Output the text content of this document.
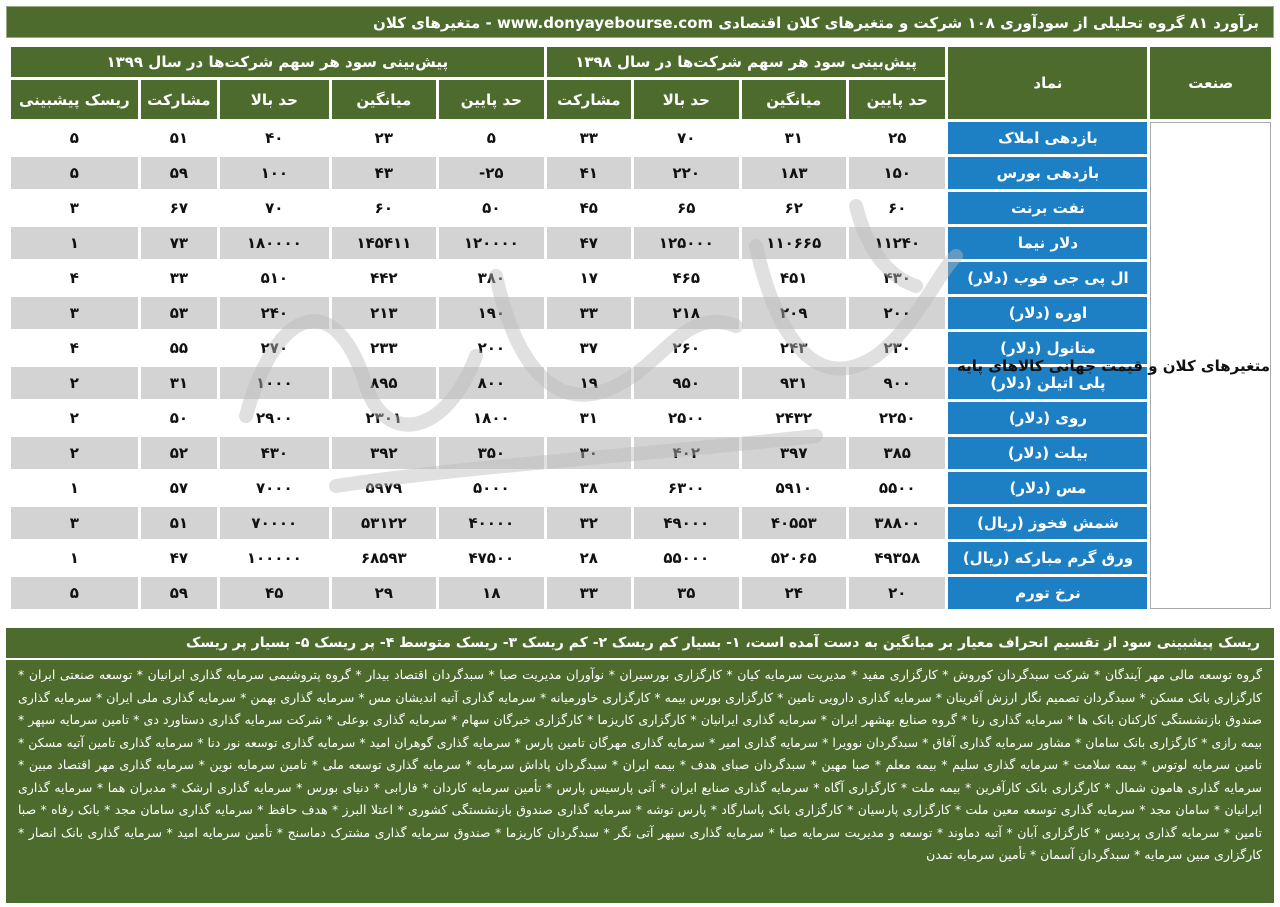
برآورد ۸۱ گروه تحلیلی از سودآوری ۱۰۸ شرکت و متغیرهای کلان اقتصادی www.donyayebourse.com - متغیرهای کلان
صنعت	نماد	پیش‌بینی سود هر سهم شرکت‌ها در سال ۱۳۹۸				پیش‌بینی سود هر سهم شرکت‌ها در سال ۱۳۹۹				
		حد پایین	میانگین	حد بالا	مشارکت	حد پایین	میانگین	حد بالا	مشارکت	ریسک پیشبینی
متغیرهای کلان و قیمت جهانی کالاهای پایه	بازدهی املاک	۲۵	۳۱	۷۰	۳۳	۵	۲۳	۴۰	۵۱	۵
	بازدهی بورس	۱۵۰	۱۸۳	۲۲۰	۴۱	۲۵-	۴۳	۱۰۰	۵۹	۵
	نفت برنت	۶۰	۶۲	۶۵	۴۵	۵۰	۶۰	۷۰	۶۷	۳
	دلار نیما	۱۱۲۴۰	۱۱۰۶۶۵	۱۲۵۰۰۰	۴۷	۱۲۰۰۰۰	۱۴۵۴۱۱	۱۸۰۰۰۰	۷۳	۱
	ال پی جی فوب (دلار)	۴۳۰	۴۵۱	۴۶۵	۱۷	۳۸۰	۴۴۲	۵۱۰	۳۳	۴
	اوره (دلار)	۲۰۰	۲۰۹	۲۱۸	۳۳	۱۹۰	۲۱۳	۲۴۰	۵۳	۳
	متانول (دلار)	۲۳۰	۲۴۳	۲۶۰	۳۷	۲۰۰	۲۳۳	۲۷۰	۵۵	۴
	پلی اتیلن (دلار)	۹۰۰	۹۳۱	۹۵۰	۱۹	۸۰۰	۸۹۵	۱۰۰۰	۳۱	۲
	روی (دلار)	۲۲۵۰	۲۴۳۲	۲۵۰۰	۳۱	۱۸۰۰	۲۳۰۱	۲۹۰۰	۵۰	۲
	بیلت (دلار)	۳۸۵	۳۹۷	۴۰۲	۳۰	۳۵۰	۳۹۲	۴۳۰	۵۲	۲
	مس (دلار)	۵۵۰۰	۵۹۱۰	۶۳۰۰	۳۸	۵۰۰۰	۵۹۷۹	۷۰۰۰	۵۷	۱
	شمش فخوز (ریال)	۳۸۸۰۰	۴۰۵۵۳	۴۹۰۰۰	۳۲	۴۰۰۰۰	۵۳۱۲۲	۷۰۰۰۰	۵۱	۳
	ورق گرم مبارکه (ریال)	۴۹۳۵۸	۵۲۰۶۵	۵۵۰۰۰	۲۸	۴۷۵۰۰	۶۸۵۹۳	۱۰۰۰۰۰	۴۷	۱
	نرخ تورم	۲۰	۲۴	۳۵	۳۳	۱۸	۲۹	۴۵	۵۹	۵
ریسک پیشبینی سود از تقسیم انحراف معیار بر میانگین به دست آمده است، ۱- بسیار کم ریسک ۲- کم ریسک ۳- ریسک متوسط ۴- پر ریسک ۵- بسیار پر ریسک
گروه توسعه مالی مهر آیندگان * شرکت سبدگردان کوروش * کارگزاری مفید * مدیریت سرمایه کیان * کارگزاری بورسیران * نوآوران مدیریت صبا * سبدگردان اقتصاد بیدار * گروه پتروشیمی سرمایه گذاری ایرانیان * توسعه صنعتی ایران * کارگزاری بانک مسکن * سبدگردان تصمیم نگار ارزش آفرینان * سرمایه گذاری دارویی تامین * کارگزاری بورس بیمه * کارگزاری خاورمیانه * سرمایه گذاری آتیه اندیشان مس * سرمایه گذاری بهمن * سرمایه گذاری ملی ایران * سرمایه گذاری صندوق بازنشستگی کارکنان بانک ها * سرمایه گذاری رنا * گروه صنایع بهشهر ایران * سرمایه گذاری ایرانیان * کارگزاری کاریزما * کارگزاری خبرگان سهام * سرمایه گذاری بوعلی * شرکت سرمایه گذاری دستاورد دی * تامین سرمایه سپهر * بیمه رازی * کارگزاری بانک سامان * مشاور سرمایه گذاری آفاق * سبدگردان نوویرا * سرمایه گذاری امیر * سرمایه گذاری مهرگان تامین پارس * سرمایه گذاری گوهران امید * سرمایه گذاری توسعه نور دنا * سرمایه گذاری تامین آتیه مسکن * تامین سرمایه لوتوس * بیمه سلامت * سرمایه گذاری سلیم * بیمه معلم * صبا مهین * سبدگردان صبای هدف * بیمه ایران * سبدگردان پاداش سرمایه * سرمایه گذاری توسعه ملی * تامین سرمایه نوین * سرمایه گذاری مهر اقتصاد مبین * سرمایه گذاری هامون شمال * کارگزاری بانک کارآفرین * بیمه ملت * کارگزاری آگاه * سرمایه گذاری صنایع ایران * آتی پارسیس پارس * تأمین سرمایه کاردان * فارابی * دنیای بورس * سرمایه گذاری ارشک * مدبران هما * سرمایه گذاری ایرانیان * سامان مجد * سرمایه گذاری توسعه معین ملت * کارگزاری پارسیان * کارگزاری بانک پاسارگاد * پارس توشه * سرمایه گذاری صندوق بازنشستگی کشوری * اعتلا البرز * هدف حافظ * سرمایه گذاری سامان مجد * بانک رفاه * صبا تامین * سرمایه گذاری پردیس * کارگزاری آبان * آتیه دماوند * توسعه و مدیریت سرمایه صبا * سرمایه گذاری سپهر آتی نگر * سبدگردان کاریزما * صندوق سرمایه گذاری مشترک دماسنج * تأمین سرمایه امید * سرمایه گذاری بانک انصار * کارگزاری مبین سرمایه * سبدگردان آسمان * تأمین سرمایه تمدن
